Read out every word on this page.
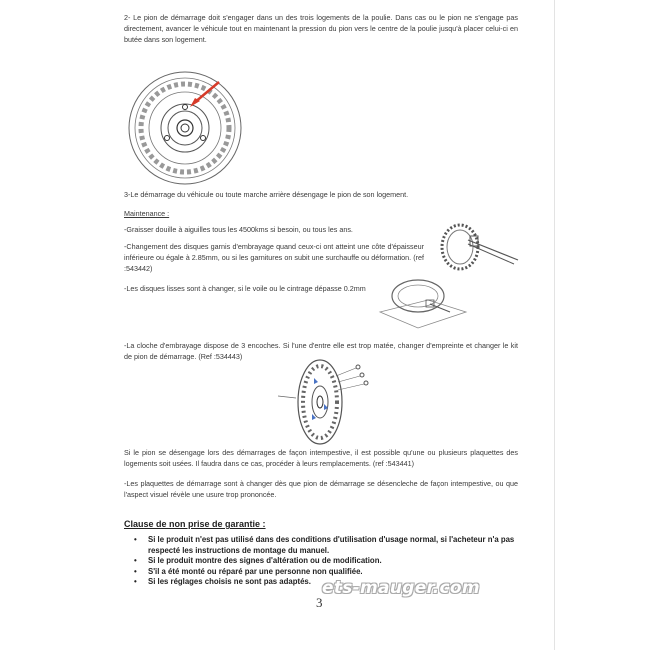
2- Le pion de démarrage doit s'engager dans un des trois logements de la poulie. Dans cas ou le pion ne s'engage pas directement, avancer le véhicule tout en maintenant la pression du pion vers le centre de la poulie jusqu'à placer celui-ci en butée dans son logement.

3-Le démarrage du véhicule ou toute marche arrière désengage le pion de son logement.

Maintenance :

-Graisser douille à aiguilles tous les 4500kms si besoin, ou tous les ans.

-Changement des disques garnis d'embrayage quand ceux-ci ont atteint une côte d'épaisseur inférieure ou égale à 2.85mm, ou si les garnitures on subit une surchauffe ou déformation. (ref :543442)

-Les disques lisses sont à changer, si le voile ou le cintrage dépasse 0.2mm

-La cloche d'embrayage dispose de 3 encoches. Si l'une d'entre elle est trop matée, changer d'empreinte et changer le kit de pion de démarrage. (Ref :534443)

Si le pion se désengage lors des démarrages de façon intempestive, il est possible qu'une ou plusieurs plaquettes des logements soit usées. Il faudra dans ce cas, procéder à leurs remplacements. (ref :543441)

-Les plaquettes de démarrage sont à changer dès que pion de démarrage se désencleche de façon intempestive, ou que l'aspect visuel révèle une usure trop prononcée.

Clause de non prise de garantie :
• Si le produit n'est pas utilisé dans des conditions d'utilisation d'usage normal, si l'acheteur n'a pas respecté les instructions de montage du manuel.
• Si le produit montre des signes d'altération ou de modification.
• S'il a été monté ou réparé par une personne non qualifiée.
• Si les réglages choisis ne sont pas adaptés. ets-mauger.com
3
